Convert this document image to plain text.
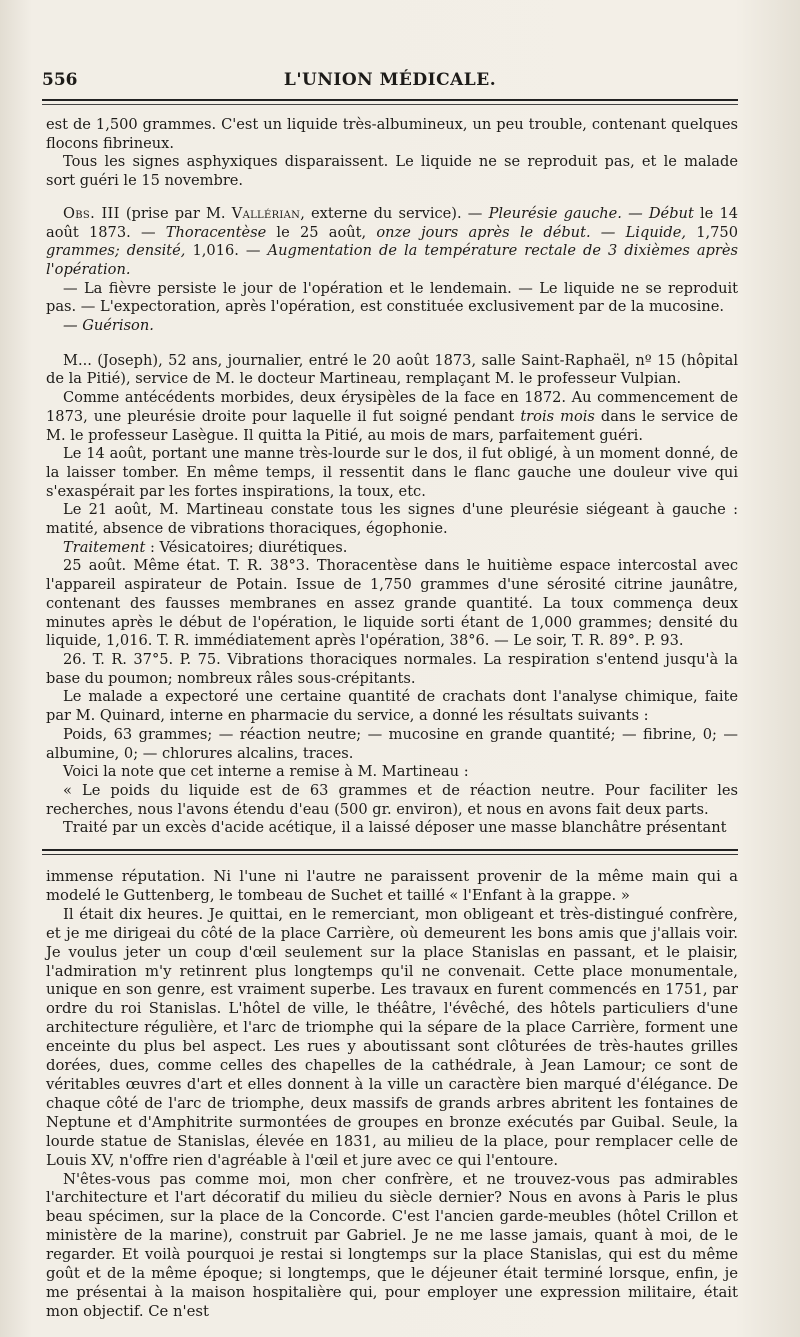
556	L'UNION MÉDICALE.

est de 1,500 grammes. C'est un liquide très-albumineux, un peu trouble, contenant quelques flocons fibrineux.

Tous les signes asphyxiques disparaissent. Le liquide ne se reproduit pas, et le malade sort guéri le 15 novembre.

Obs. III (prise par M. Vallérian, externe du service). — Pleurésie gauche. — Début le 14 août 1873. — Thoracentèse le 25 août, onze jours après le début. — Liquide, 1,750 grammes; densité, 1,016. — Augmentation de la température rectale de 3 dixièmes après l'opération.

— La fièvre persiste le jour de l'opération et le lendemain. — Le liquide ne se reproduit pas. — L'expectoration, après l'opération, est constituée exclusivement par de la mucosine.

— Guérison.

M... (Joseph), 52 ans, journalier, entré le 20 août 1873, salle Saint-Raphaël, nº 15 (hôpital de la Pitié), service de M. le docteur Martineau, remplaçant M. le professeur Vulpian.

Comme antécédents morbides, deux érysipèles de la face en 1872. Au commencement de 1873, une pleurésie droite pour laquelle il fut soigné pendant trois mois dans le service de M. le professeur Lasègue. Il quitta la Pitié, au mois de mars, parfaitement guéri.

Le 14 août, portant une manne très-lourde sur le dos, il fut obligé, à un moment donné, de la laisser tomber. En même temps, il ressentit dans le flanc gauche une douleur vive qui s'exaspérait par les fortes inspirations, la toux, etc.

Le 21 août, M. Martineau constate tous les signes d'une pleurésie siégeant à gauche : matité, absence de vibrations thoraciques, égophonie.

Traitement : Vésicatoires; diurétiques.

25 août. Même état. T. R. 38°3. Thoracentèse dans le huitième espace intercostal avec l'appareil aspirateur de Potain. Issue de 1,750 grammes d'une sérosité citrine jaunâtre, contenant des fausses membranes en assez grande quantité. La toux commença deux minutes après le début de l'opération, le liquide sorti étant de 1,000 grammes; densité du liquide, 1,016. T. R. immédiatement après l'opération, 38°6. — Le soir, T. R. 89°. P. 93.

26. T. R. 37°5. P. 75. Vibrations thoraciques normales. La respiration s'entend jusqu'à la base du poumon; nombreux râles sous-crépitants.

Le malade a expectoré une certaine quantité de crachats dont l'analyse chimique, faite par M. Quinard, interne en pharmacie du service, a donné les résultats suivants :

Poids, 63 grammes; — réaction neutre; — mucosine en grande quantité; — fibrine, 0; — albumine, 0; — chlorures alcalins, traces.

Voici la note que cet interne a remise à M. Martineau :

« Le poids du liquide est de 63 grammes et de réaction neutre. Pour faciliter les recherches, nous l'avons étendu d'eau (500 gr. environ), et nous en avons fait deux parts.

Traité par un excès d'acide acétique, il a laissé déposer une masse blanchâtre présentant

immense réputation. Ni l'une ni l'autre ne paraissent provenir de la même main qui a modelé le Guttenberg, le tombeau de Suchet et taillé « l'Enfant à la grappe. »

Il était dix heures. Je quittai, en le remerciant, mon obligeant et très-distingué confrère, et je me dirigeai du côté de la place Carrière, où demeurent les bons amis que j'allais voir. Je voulus jeter un coup d'œil seulement sur la place Stanislas en passant, et le plaisir, l'admiration m'y retinrent plus longtemps qu'il ne convenait. Cette place monumentale, unique en son genre, est vraiment superbe. Les travaux en furent commencés en 1751, par ordre du roi Stanislas. L'hôtel de ville, le théâtre, l'évêché, des hôtels particuliers d'une architecture régulière, et l'arc de triomphe qui la sépare de la place Carrière, forment une enceinte du plus bel aspect. Les rues y aboutissant sont clôturées de très-hautes grilles dorées, dues, comme celles des chapelles de la cathédrale, à Jean Lamour; ce sont de véritables œuvres d'art et elles donnent à la ville un caractère bien marqué d'élégance. De chaque côté de l'arc de triomphe, deux massifs de grands arbres abritent les fontaines de Neptune et d'Amphitrite surmontées de groupes en bronze exécutés par Guibal. Seule, la lourde statue de Stanislas, élevée en 1831, au milieu de la place, pour remplacer celle de Louis XV, n'offre rien d'agréable à l'œil et jure avec ce qui l'entoure.

N'êtes-vous pas comme moi, mon cher confrère, et ne trouvez-vous pas admirables l'architecture et l'art décoratif du milieu du siècle dernier? Nous en avons à Paris le plus beau spécimen, sur la place de la Concorde. C'est l'ancien garde-meubles (hôtel Crillon et ministère de la marine), construit par Gabriel. Je ne me lasse jamais, quant à moi, de le regarder. Et voilà pourquoi je restai si longtemps sur la place Stanislas, qui est du même goût et de la même époque; si longtemps, que le déjeuner était terminé lorsque, enfin, je me présentai à la maison hospitalière qui, pour employer une expression militaire, était mon objectif. Ce n'est
